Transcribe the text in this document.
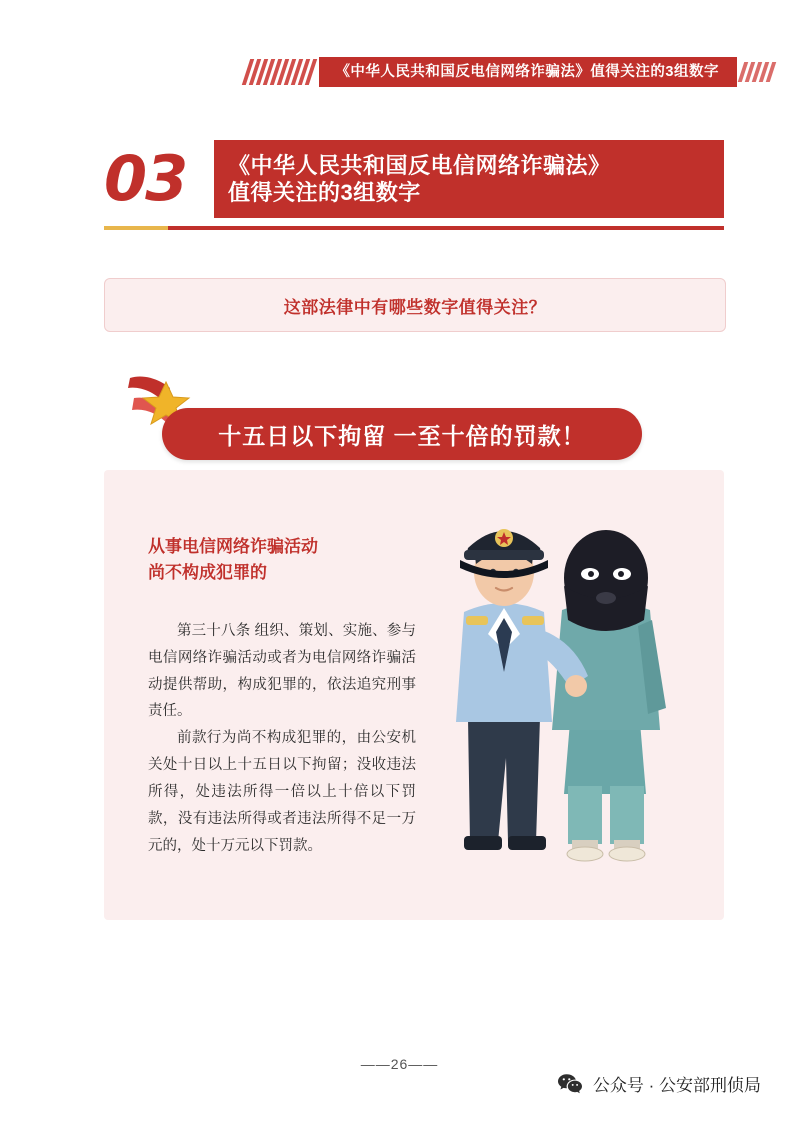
《中华人民共和国反电信网络诈骗法》值得关注的3组数字
03	《中华人民共和国反电信网络诈骗法》
值得关注的3组数字
这部法律中有哪些数字值得关注？
十五日以下拘留 一至十倍的罚款！
从事电信网络诈骗活动
尚不构成犯罪的

第三十八条 组织、策划、实施、参与电信网络诈骗活动或者为电信网络诈骗活动提供帮助，构成犯罪的，依法追究刑事责任。

前款行为尚不构成犯罪的，由公安机关处十日以上十五日以下拘留；没收违法所得，处违法所得一倍以上十倍以下罚款，没有违法所得或者违法所得不足一万元的，处十万元以下罚款。

——26——
公众号 · 公安部刑侦局
